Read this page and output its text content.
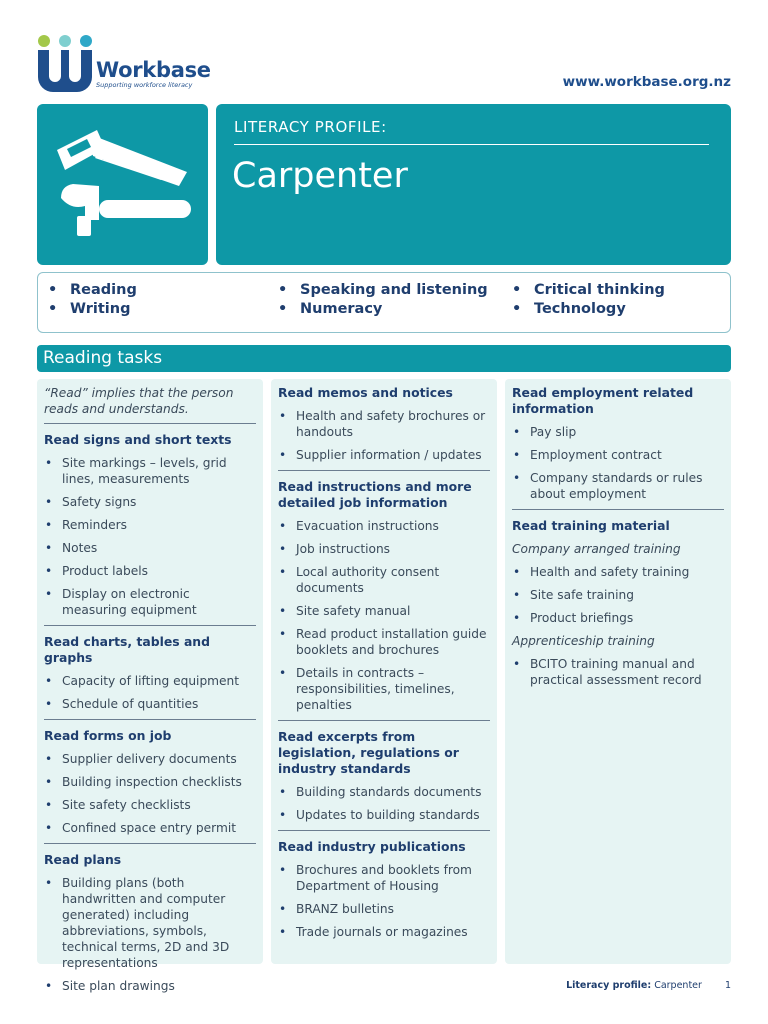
Workbase
Supporting workforce literacy	www.workbase.org.nz
LITERACY PROFILE:
Carpenter
• Reading
• Writing
• Speaking and listening
• Numeracy
• Critical thinking
• Technology
Reading tasks

“Read” implies that the person reads and understands.

Read signs and short texts
• Site markings – levels, grid lines, measurements
• Safety signs
• Reminders
• Notes
• Product labels
• Display on electronic measuring equipment
Read charts, tables and graphs
• Capacity of lifting equipment
• Schedule of quantities
Read forms on job
• Supplier delivery documents
• Building inspection checklists
• Site safety checklists
• Confined space entry permit
Read plans
• Building plans (both handwritten and computer generated) including abbreviations, symbols, technical terms, 2D and 3D representations
• Site plan drawings
Read memos and notices
• Health and safety brochures or handouts
• Supplier information / updates
Read instructions and more detailed job information
• Evacuation instructions
• Job instructions
• Local authority consent documents
• Site safety manual
• Read product installation guide booklets and brochures
• Details in contracts – responsibilities, timelines, penalties
Read excerpts from legislation, regulations or industry standards
• Building standards documents
• Updates to building standards
Read industry publications
• Brochures and booklets from Department of Housing
• BRANZ bulletins
• Trade journals or magazines
Read employment related information
• Pay slip
• Employment contract
• Company standards or rules about employment
Read training material
Company arranged training
• Health and safety training
• Site safe training
• Product briefings
Apprenticeship training
• BCITO training manual and practical assessment record
Literacy profile: Carpenter 1
